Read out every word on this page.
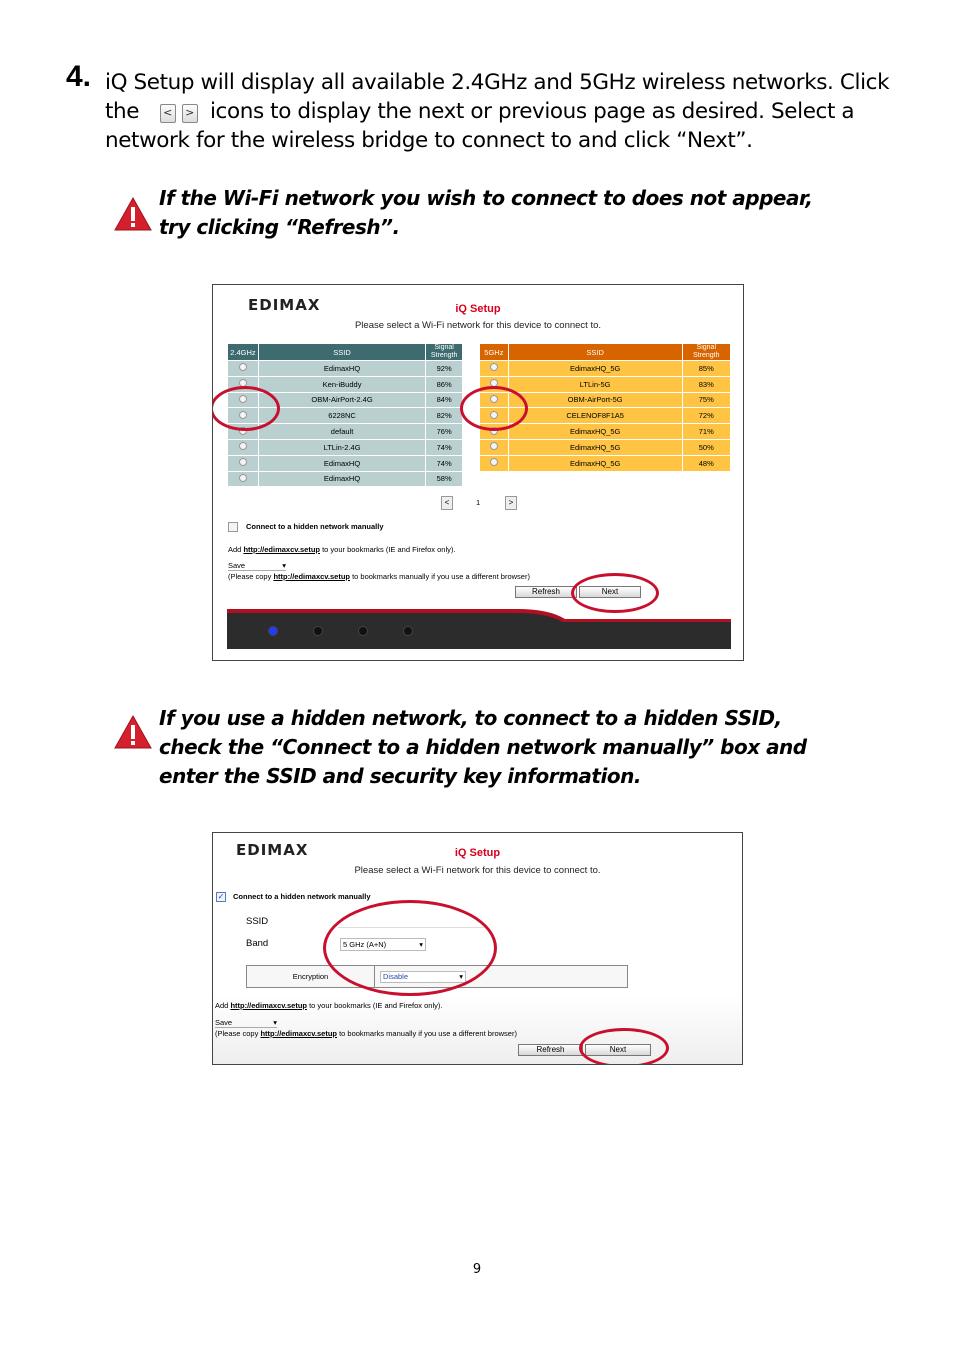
4. iQ Setup will display all available 2.4GHz and 5GHz wireless networks. Click the < > icons to display the next or previous page as desired. Select a network for the wireless bridge to connect to and click “Next”.
If the Wi-Fi network you wish to connect to does not appear, try clicking “Refresh”.
EDIMAX	iQ Setup
Please select a Wi-Fi network for this device to connect to.
2.4GHz	SSID	Signal Strength
	EdimaxHQ	92%
	Ken-iBuddy	86%
	OBM-AirPort-2.4G	84%
	6228NC	82%
	default	76%
	LTLin-2.4G	74%
	EdimaxHQ	74%
	EdimaxHQ	58%
5GHz	SSID	Signal Strength
	EdimaxHQ_5G	85%
	LTLin-5G	83%
	OBM-AirPort-5G	75%
	CELENOF8F1A5	72%
	EdimaxHQ_5G	71%
	EdimaxHQ_5G	50%
	EdimaxHQ_5G	48%
<	1	>
Connect to a hidden network manually
Add http://edimaxcv.setup to your bookmarks (IE and Firefox only).
Save	▾
(Please copy http://edimaxcv.setup to bookmarks manually if you use a different browser)
Refresh	Next
If you use a hidden network, to connect to a hidden SSID, check the “Connect to a hidden network manually” box and enter the SSID and security key information.
EDIMAX	iQ Setup
Please select a Wi-Fi network for this device to connect to.
✓ Connect to a hidden network manually
SSID
Band	5 GHz (A+N)	▾
Encryption	Disable	▾
Add http://edimaxcv.setup to your bookmarks (IE and Firefox only).
Save	▾
(Please copy http://edimaxcv.setup to bookmarks manually if you use a different browser)
Refresh	Next
9
